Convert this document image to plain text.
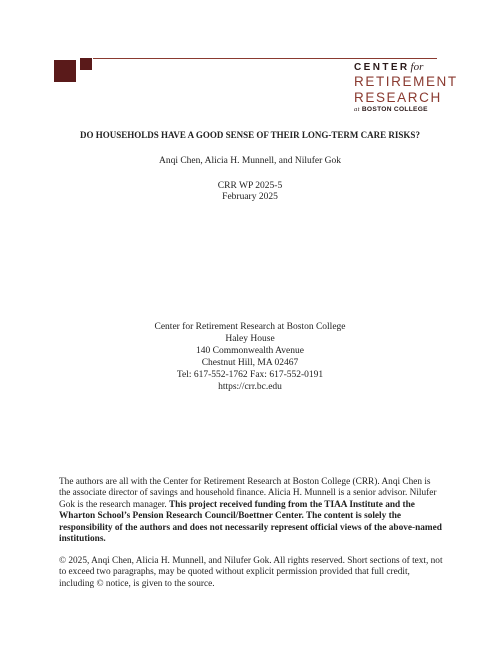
CENTERfor
RETIREMENT
RESEARCH
at BOSTON COLLEGE
DO HOUSEHOLDS HAVE A GOOD SENSE OF THEIR LONG-TERM CARE RISKS?
Anqi Chen, Alicia H. Munnell, and Nilufer Gok
CRR WP 2025-5
February 2025
Center for Retirement Research at Boston College
Haley House
140 Commonwealth Avenue
Chestnut Hill, MA 02467
Tel: 617-552-1762 Fax: 617-552-0191
https://crr.bc.edu
The authors are all with the Center for Retirement Research at Boston College (CRR). Anqi Chen is the associate director of savings and household finance. Alicia H. Munnell is a senior advisor. Nilufer Gok is the research manager. This project received funding from the TIAA Institute and the Wharton School’s Pension Research Council/Boettner Center. The content is solely the responsibility of the authors and does not necessarily represent official views of the above-named institutions.
© 2025, Anqi Chen, Alicia H. Munnell, and Nilufer Gok. All rights reserved. Short sections of text, not to exceed two paragraphs, may be quoted without explicit permission provided that full credit, including © notice, is given to the source.
